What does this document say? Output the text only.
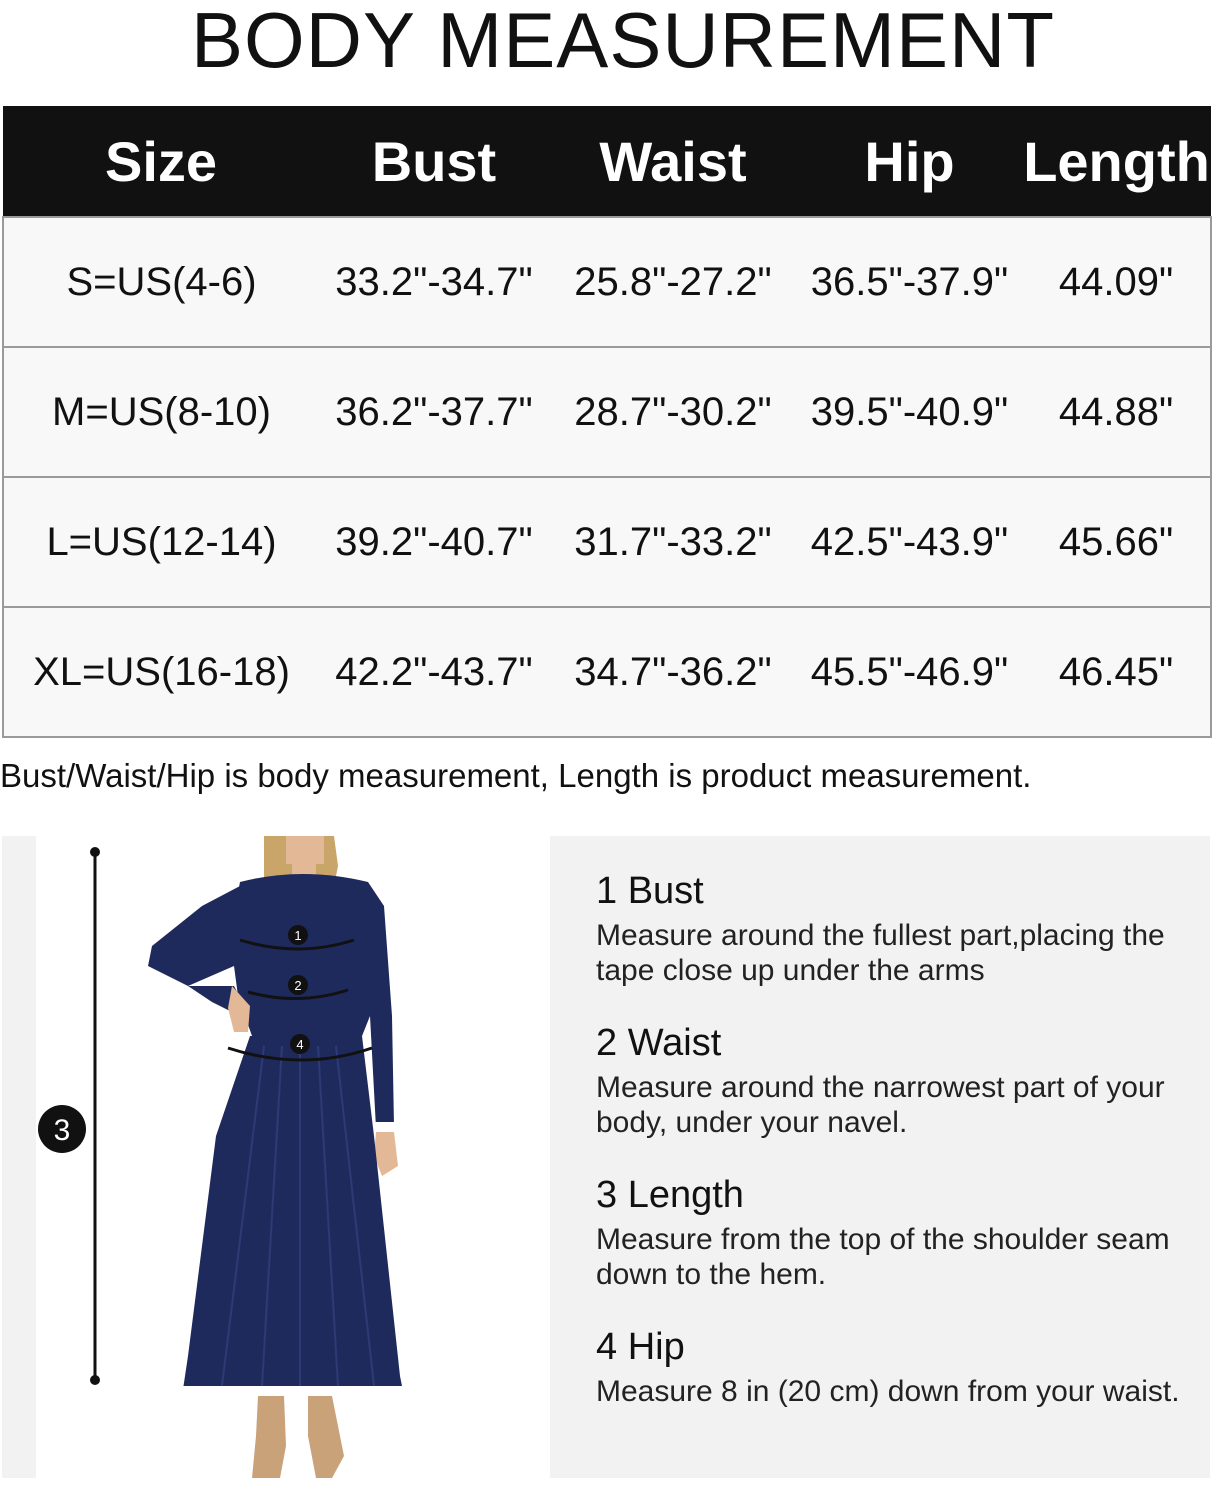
BODY MEASUREMENT
Size	Bust	Waist	Hip	Length
S=US(4-6)	33.2"-34.7"	25.8"-27.2"	36.5"-37.9"	44.09"
M=US(8-10)	36.2"-37.7"	28.7"-30.2"	39.5"-40.9"	44.88"
L=US(12-14)	39.2"-40.7"	31.7"-33.2"	42.5"-43.9"	45.66"
XL=US(16-18)	42.2"-43.7"	34.7"-36.2"	45.5"-46.9"	46.45"
Bust/Waist/Hip is body measurement, Length is product measurement.
3
1
2
4
1 Bust
Measure around the fullest part,placing the tape close up under the arms
2 Waist
Measure around the narrowest part of your body, under your navel.
3 Length
Measure from the top of the shoulder seam down to the hem.
4 Hip
Measure 8 in (20 cm) down from your waist.
